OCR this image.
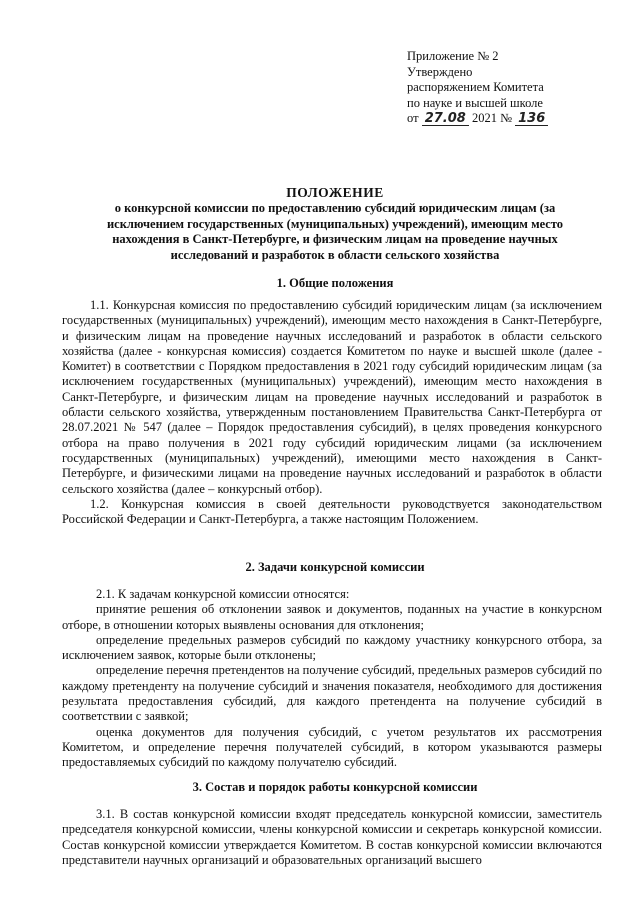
Приложение № 2
Утверждено
распоряжением Комитета
по науке и высшей школе
от 27.08 2021 № 136
ПОЛОЖЕНИЕ
о конкурсной комиссии по предоставлению субсидий юридическим лицам (за исключением государственных (муниципальных) учреждений), имеющим место нахождения в Санкт-Петербурге, и физическим лицам на проведение научных исследований и разработок в области сельского хозяйства
1. Общие положения

1.1. Конкурсная комиссия по предоставлению субсидий юридическим лицам (за исключением государственных (муниципальных) учреждений), имеющим место нахождения в Санкт-Петербурге, и физическим лицам на проведение научных исследований и разработок в области сельского хозяйства (далее - конкурсная комиссия) создается Комитетом по науке и высшей школе (далее - Комитет) в соответствии с Порядком предоставления в 2021 году субсидий юридическим лицам (за исключением государственных (муниципальных) учреждений), имеющим место нахождения в Санкт-Петербурге, и физическим лицам на проведение научных исследований и разработок в области сельского хозяйства, утвержденным постановлением Правительства Санкт-Петербурга от 28.07.2021 № 547 (далее – Порядок предоставления субсидий), в целях проведения конкурсного отбора на право получения в 2021 году субсидий юридическим лицами (за исключением государственных (муниципальных) учреждений), имеющими место нахождения в Санкт-Петербурге, и физическими лицами на проведение научных исследований и разработок в области сельского хозяйства (далее – конкурсный отбор).

1.2. Конкурсная комиссия в своей деятельности руководствуется законодательством Российской Федерации и Санкт-Петербурга, а также настоящим Положением.

2. Задачи конкурсной комиссии

2.1. К задачам конкурсной комиссии относятся:

принятие решения об отклонении заявок и документов, поданных на участие в конкурсном отборе, в отношении которых выявлены основания для отклонения;

определение предельных размеров субсидий по каждому участнику конкурсного отбора, за исключением заявок, которые были отклонены;

определение перечня претендентов на получение субсидий, предельных размеров субсидий по каждому претенденту на получение субсидий и значения показателя, необходимого для достижения результата предоставления субсидий, для каждого претендента на получение субсидий в соответствии с заявкой;

оценка документов для получения субсидий, с учетом результатов их рассмотрения Комитетом, и определение перечня получателей субсидий, в котором указываются размеры предоставляемых субсидий по каждому получателю субсидий.

3. Состав и порядок работы конкурсной комиссии

3.1. В состав конкурсной комиссии входят председатель конкурсной комиссии, заместитель председателя конкурсной комиссии, члены конкурсной комиссии и секретарь конкурсной комиссии. Состав конкурсной комиссии утверждается Комитетом. В состав конкурсной комиссии включаются представители научных организаций и образовательных организаций высшего
